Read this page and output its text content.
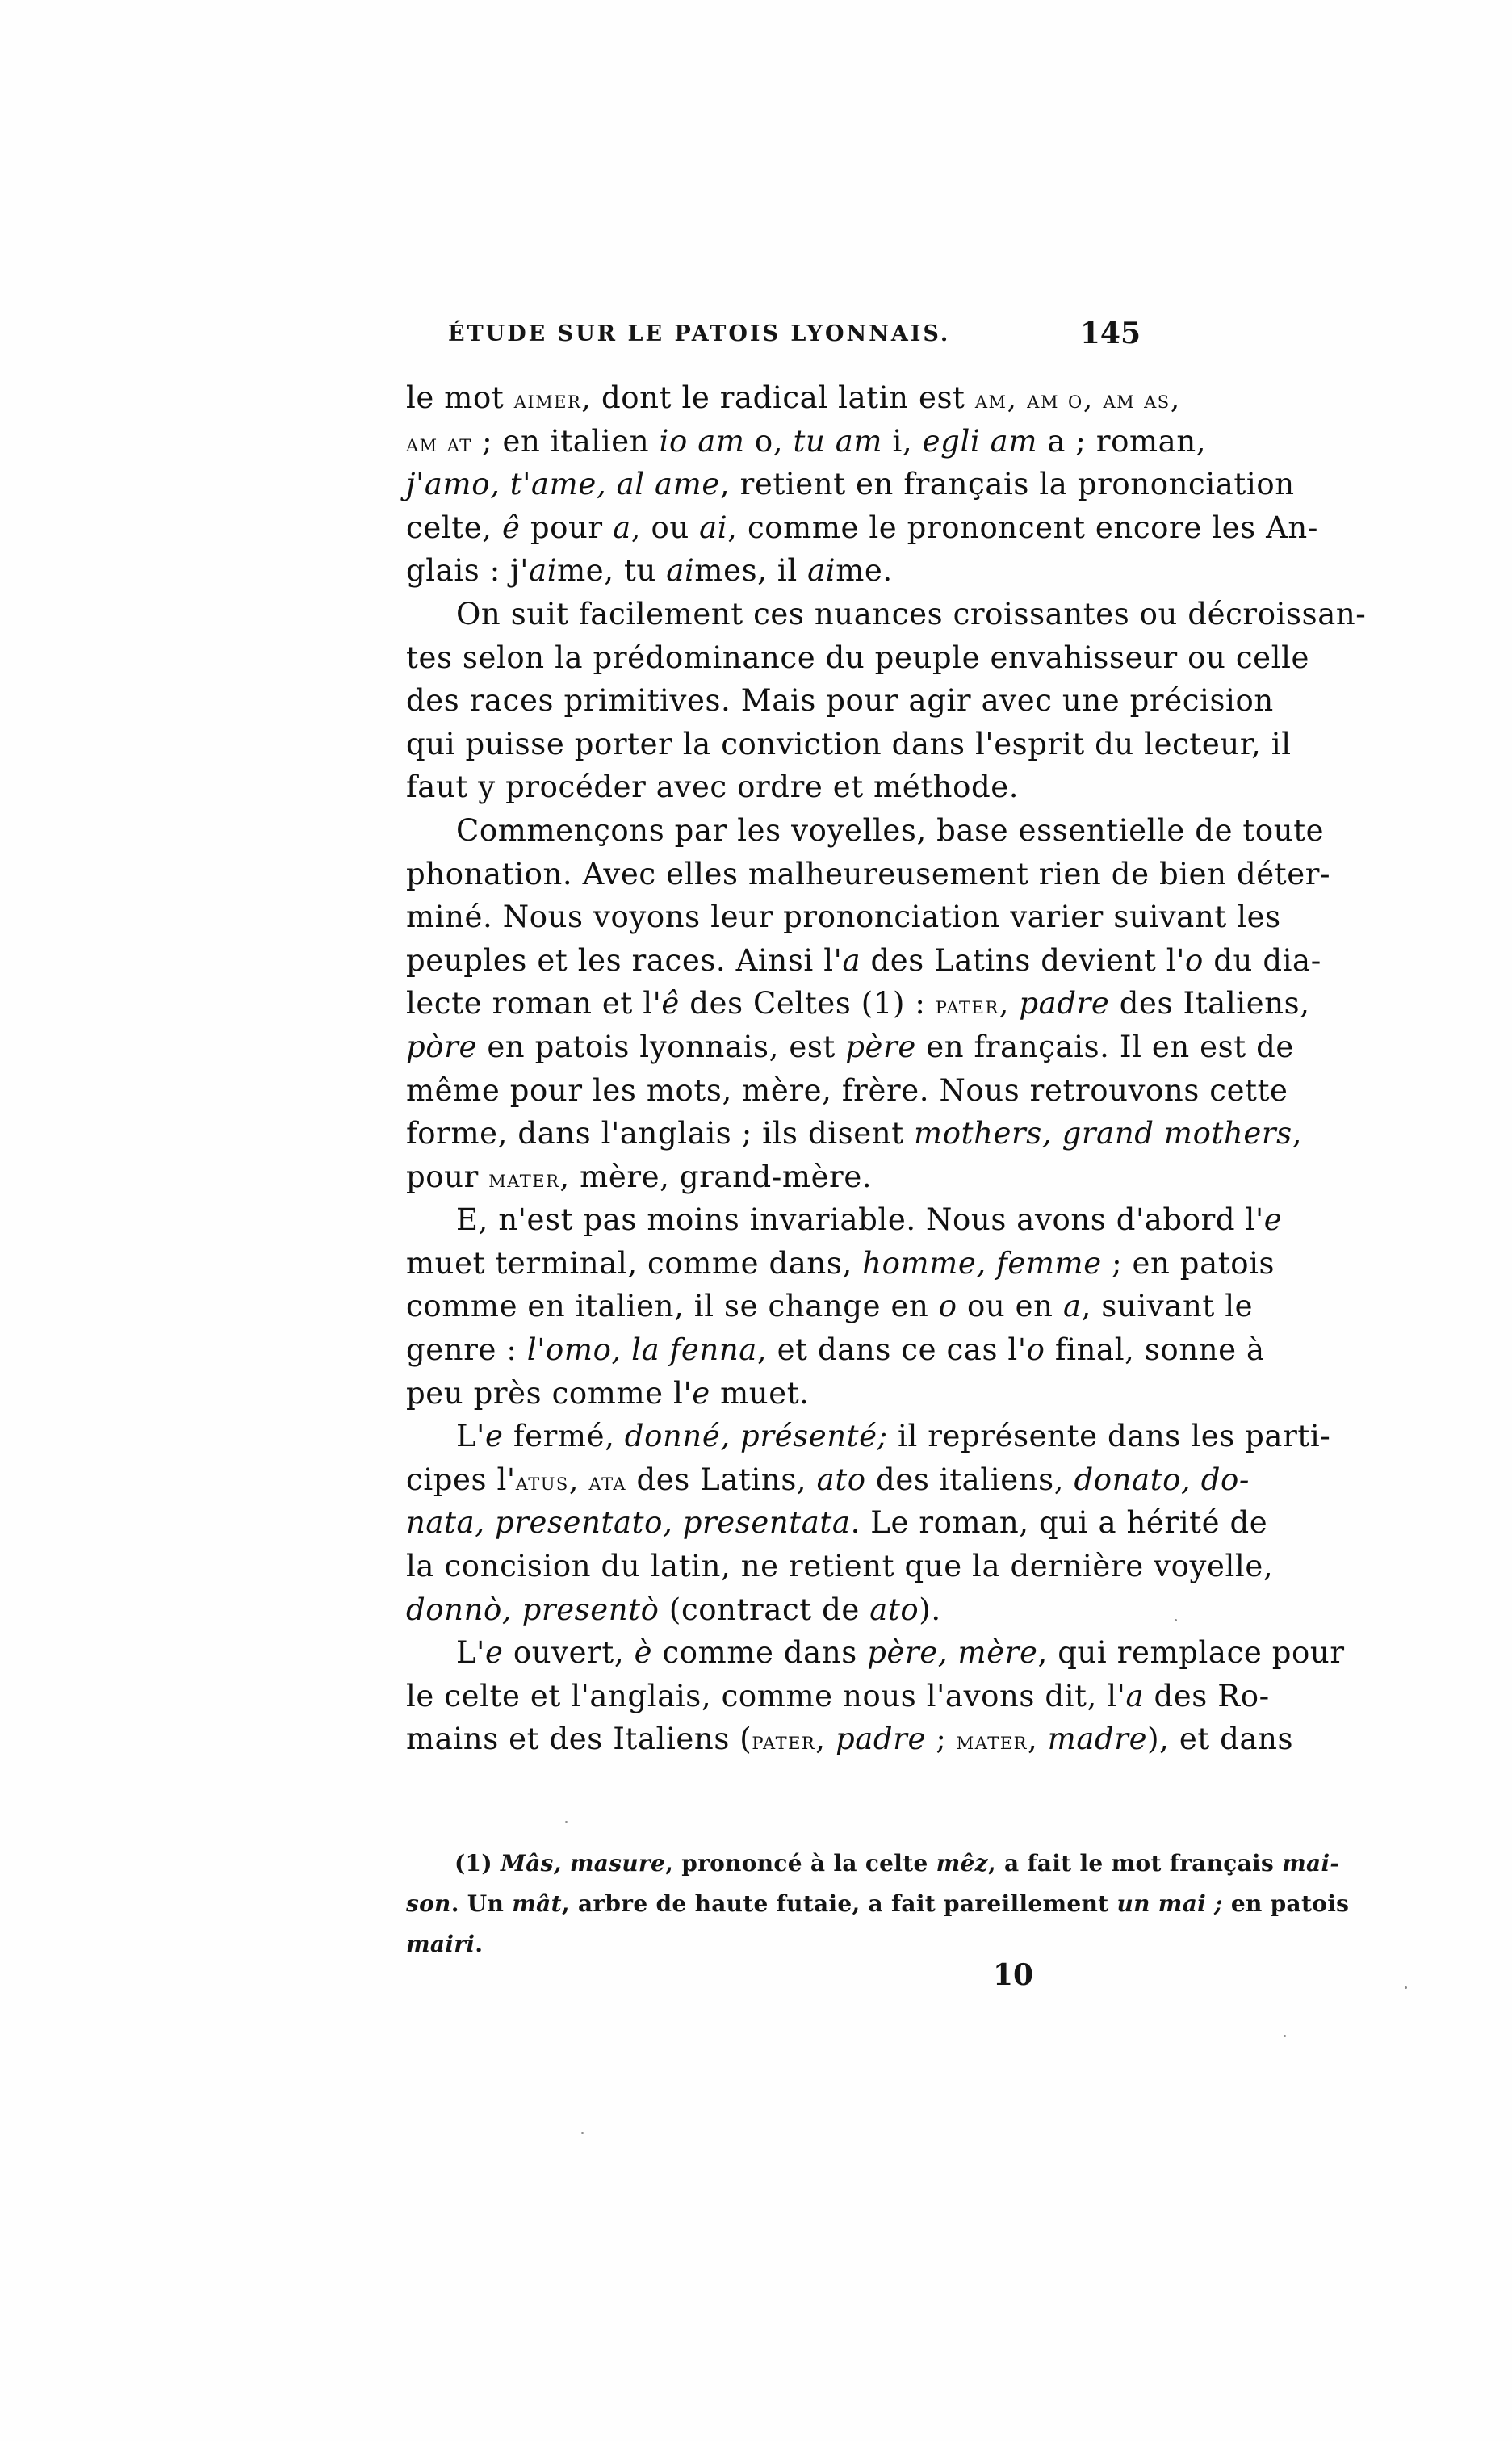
ÉTUDE SUR LE PATOIS LYONNAIS.	145
le mot aimer, dont le radical latin est am, am o, am as,
am at ; en italien io am o, tu am i, egli am a ; roman,
j'amo, t'ame, al ame, retient en français la prononciation
celte, ê pour a, ou ai, comme le prononcent encore les An-
glais : j'aime, tu aimes, il aime.
On suit facilement ces nuances croissantes ou décroissan-
tes selon la prédominance du peuple envahisseur ou celle
des races primitives. Mais pour agir avec une précision
qui puisse porter la conviction dans l'esprit du lecteur, il
faut y procéder avec ordre et méthode.
Commençons par les voyelles, base essentielle de toute
phonation. Avec elles malheureusement rien de bien déter-
miné. Nous voyons leur prononciation varier suivant les
peuples et les races. Ainsi l'a des Latins devient l'o du dia-
lecte roman et l'ê des Celtes (1) : pater, padre des Italiens,
pòre en patois lyonnais, est père en français. Il en est de
même pour les mots, mère, frère. Nous retrouvons cette
forme, dans l'anglais ; ils disent mothers, grand mothers,
pour mater, mère, grand-mère.
E, n'est pas moins invariable. Nous avons d'abord l'e
muet terminal, comme dans, homme, femme ; en patois
comme en italien, il se change en o ou en a, suivant le
genre : l'omo, la fenna, et dans ce cas l'o final, sonne à
peu près comme l'e muet.
L'e fermé, donné, présenté; il représente dans les parti-
cipes l'atus, ata des Latins, ato des italiens, donato, do-
nata, presentato, presentata. Le roman, qui a hérité de
la concision du latin, ne retient que la dernière voyelle,
donnò, presentò (contract de ato).
L'e ouvert, è comme dans père, mère, qui remplace pour
le celte et l'anglais, comme nous l'avons dit, l'a des Ro-
mains et des Italiens (pater, padre ; mater, madre), et dans
(1) Mâs, masure, prononcé à la celte mêz, a fait le mot français mai-
son. Un mât, arbre de haute futaie, a fait pareillement un mai ; en patois
mairi.
10
